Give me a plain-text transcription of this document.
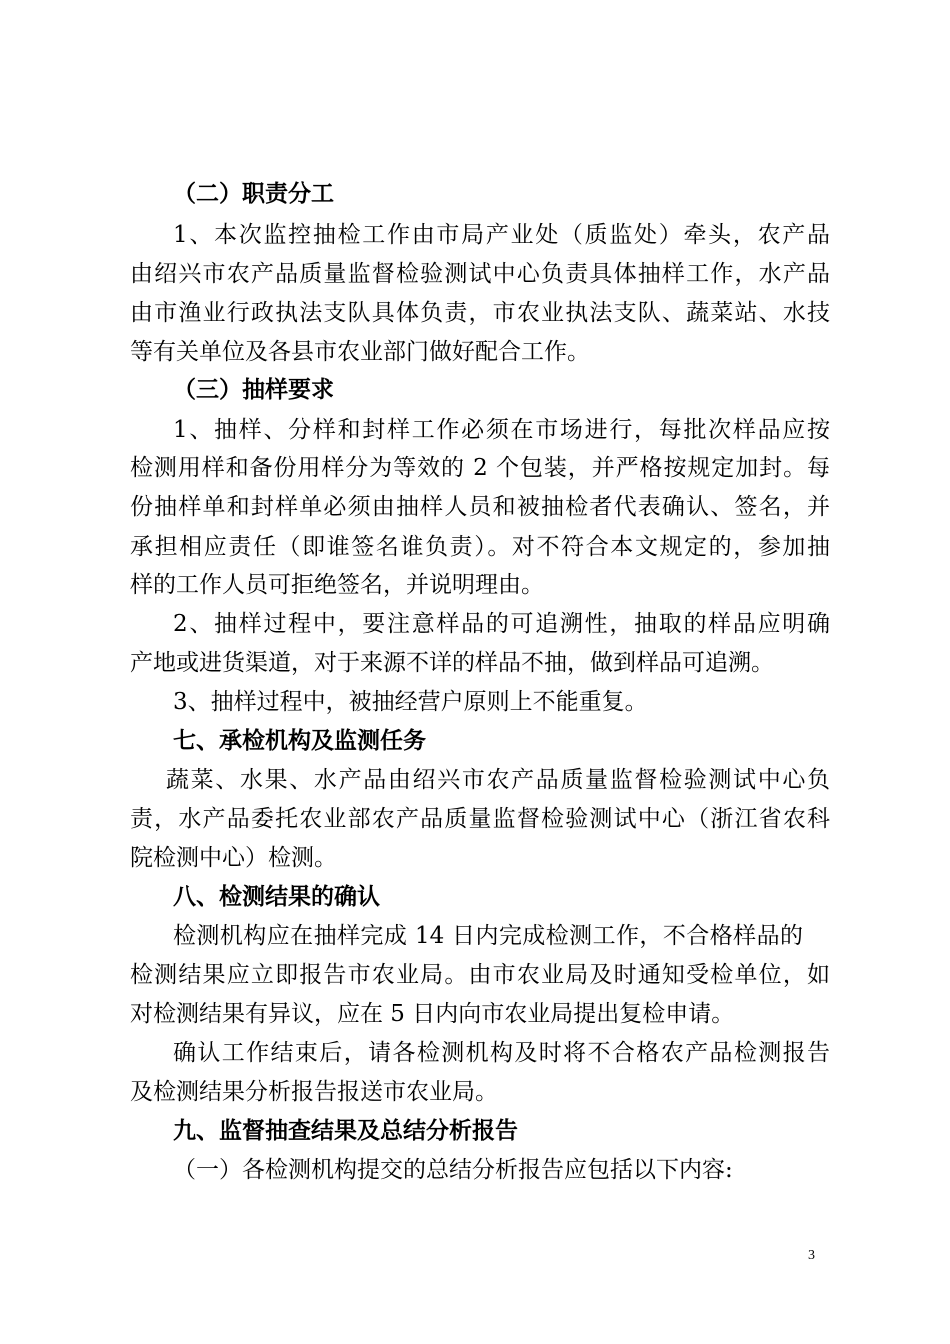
（二）职责分工
1、本次监控抽检工作由市局产业处（质监处）牵头，农产品
由绍兴市农产品质量监督检验测试中心负责具体抽样工作，水产品
由市渔业行政执法支队具体负责，市农业执法支队、蔬菜站、水技
等有关单位及各县市农业部门做好配合工作。
（三）抽样要求
1、抽样、分样和封样工作必须在市场进行，每批次样品应按
检测用样和备份用样分为等效的 2 个包装，并严格按规定加封。每
份抽样单和封样单必须由抽样人员和被抽检者代表确认、签名，并
承担相应责任（即谁签名谁负责）。对不符合本文规定的，参加抽
样的工作人员可拒绝签名，并说明理由。
2、抽样过程中，要注意样品的可追溯性，抽取的样品应明确
产地或进货渠道，对于来源不详的样品不抽，做到样品可追溯。
3、抽样过程中，被抽经营户原则上不能重复。
七、承检机构及监测任务
蔬菜、水果、水产品由绍兴市农产品质量监督检验测试中心负
责，水产品委托农业部农产品质量监督检验测试中心（浙江省农科
院检测中心）检测。
八、检测结果的确认
检测机构应在抽样完成 14 日内完成检测工作，不合格样品的
检测结果应立即报告市农业局。由市农业局及时通知受检单位，如
对检测结果有异议，应在 5 日内向市农业局提出复检申请。
确认工作结束后，请各检测机构及时将不合格农产品检测报告
及检测结果分析报告报送市农业局。
九、监督抽查结果及总结分析报告
（一）各检测机构提交的总结分析报告应包括以下内容:
3
